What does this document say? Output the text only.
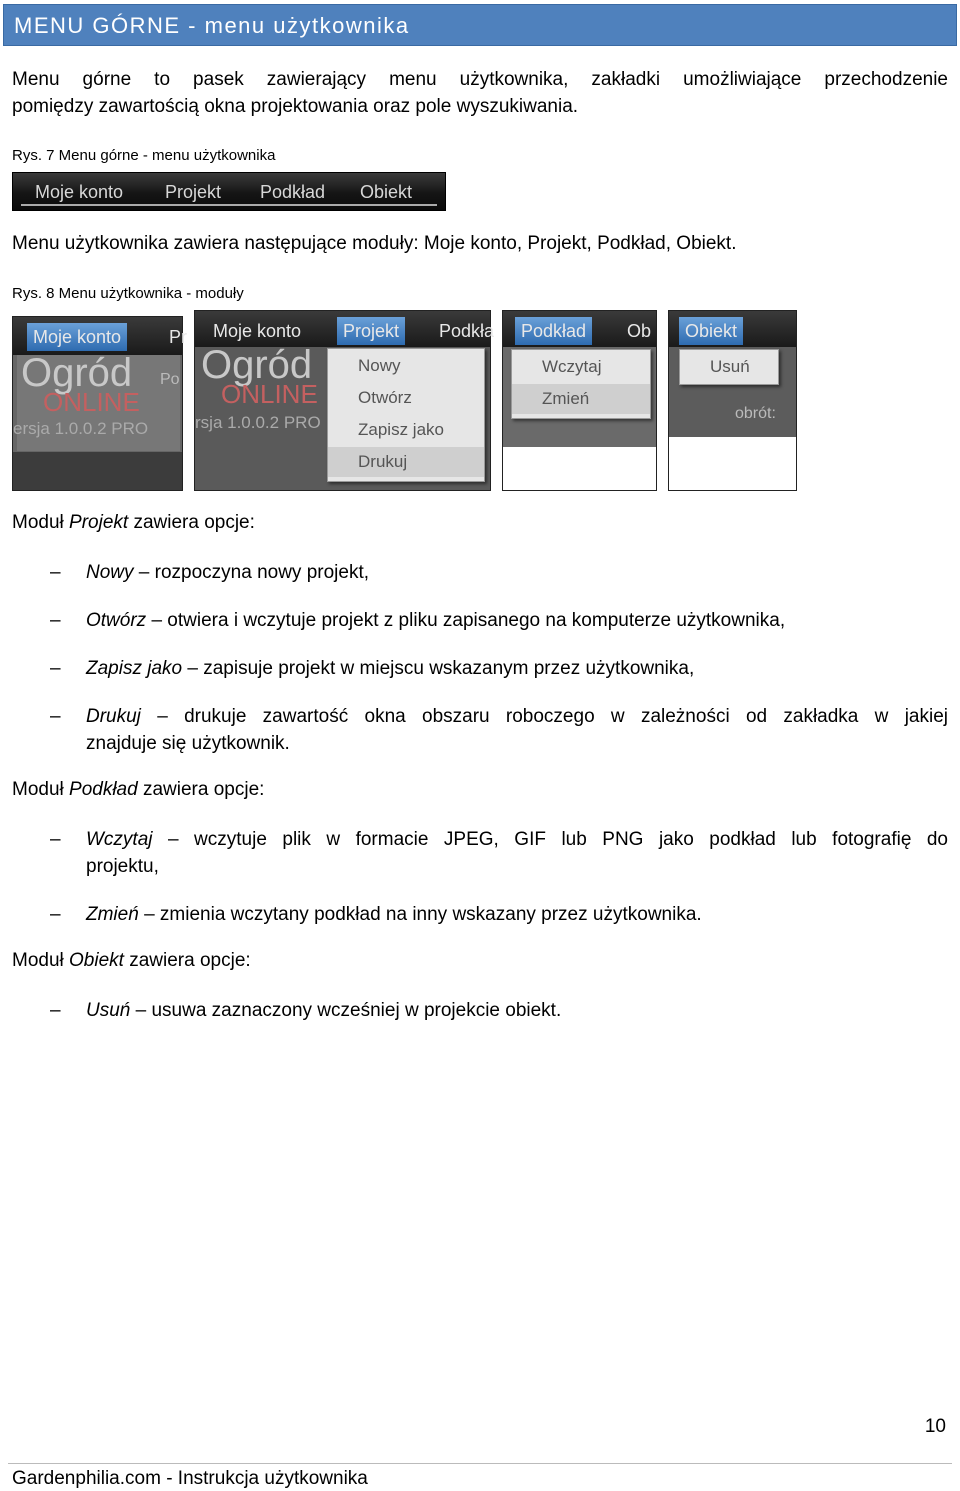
MENU GÓRNE - menu użytkownika
Menu górne to pasek zawierający menu użytkownika, zakładki umożliwiające przechodzenie
pomiędzy zawartością okna projektowania oraz pole wyszukiwania.
Rys. 7 Menu górne - menu użytkownika
Moje konto Projekt Podkład Obiekt
Menu użytkownika zawiera następujące moduły: Moje konto, Projekt, Podkład, Obiekt.
Rys. 8 Menu użytkownika - moduły
Moje konto	Pr
Ogród
ONLINE
ersja 1.0.0.2 PRO
Po
Moje konto	Projekt	Podkła
Ogród
ONLINE
rsja 1.0.0.2 PRO
Nowy
Otwórz
Zapisz jako
Drukuj
Podkład	Ob
Wczytaj
Zmień
Obiekt
Usuń
obrót:
Moduł Projekt zawiera opcje:
– Nowy – rozpoczyna nowy projekt,
– Otwórz – otwiera i wczytuje projekt z pliku zapisanego na komputerze użytkownika,
– Zapisz jako – zapisuje projekt w miejscu wskazanym przez użytkownika,
– Drukuj – drukuje zawartość okna obszaru roboczego w zależności od zakładka w jakiej
znajduje się użytkownik.
Moduł Podkład zawiera opcje:
– Wczytaj – wczytuje plik w formacie JPEG, GIF lub PNG jako podkład lub fotografię do
projektu,
– Zmień – zmienia wczytany podkład na inny wskazany przez użytkownika.
Moduł Obiekt zawiera opcje:
– Usuń – usuwa zaznaczony wcześniej w projekcie obiekt.
10
Gardenphilia.com - Instrukcja użytkownika
